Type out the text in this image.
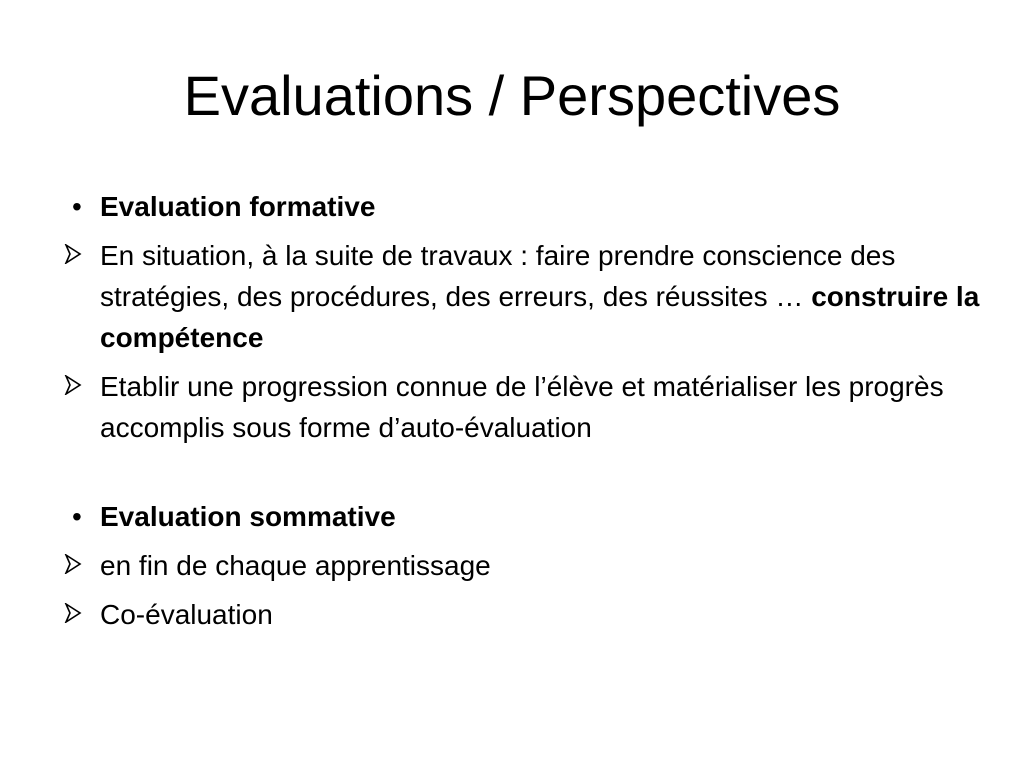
Evaluations / Perspectives
• Evaluation formative
En situation, à la suite de travaux : faire prendre conscience des stratégies, des procédures, des erreurs, des réussites … construire la compétence
Etablir une progression connue de l’élève et matérialiser les progrès accomplis sous forme d’auto-évaluation
• Evaluation sommative
en fin de chaque apprentissage
Co-évaluation
